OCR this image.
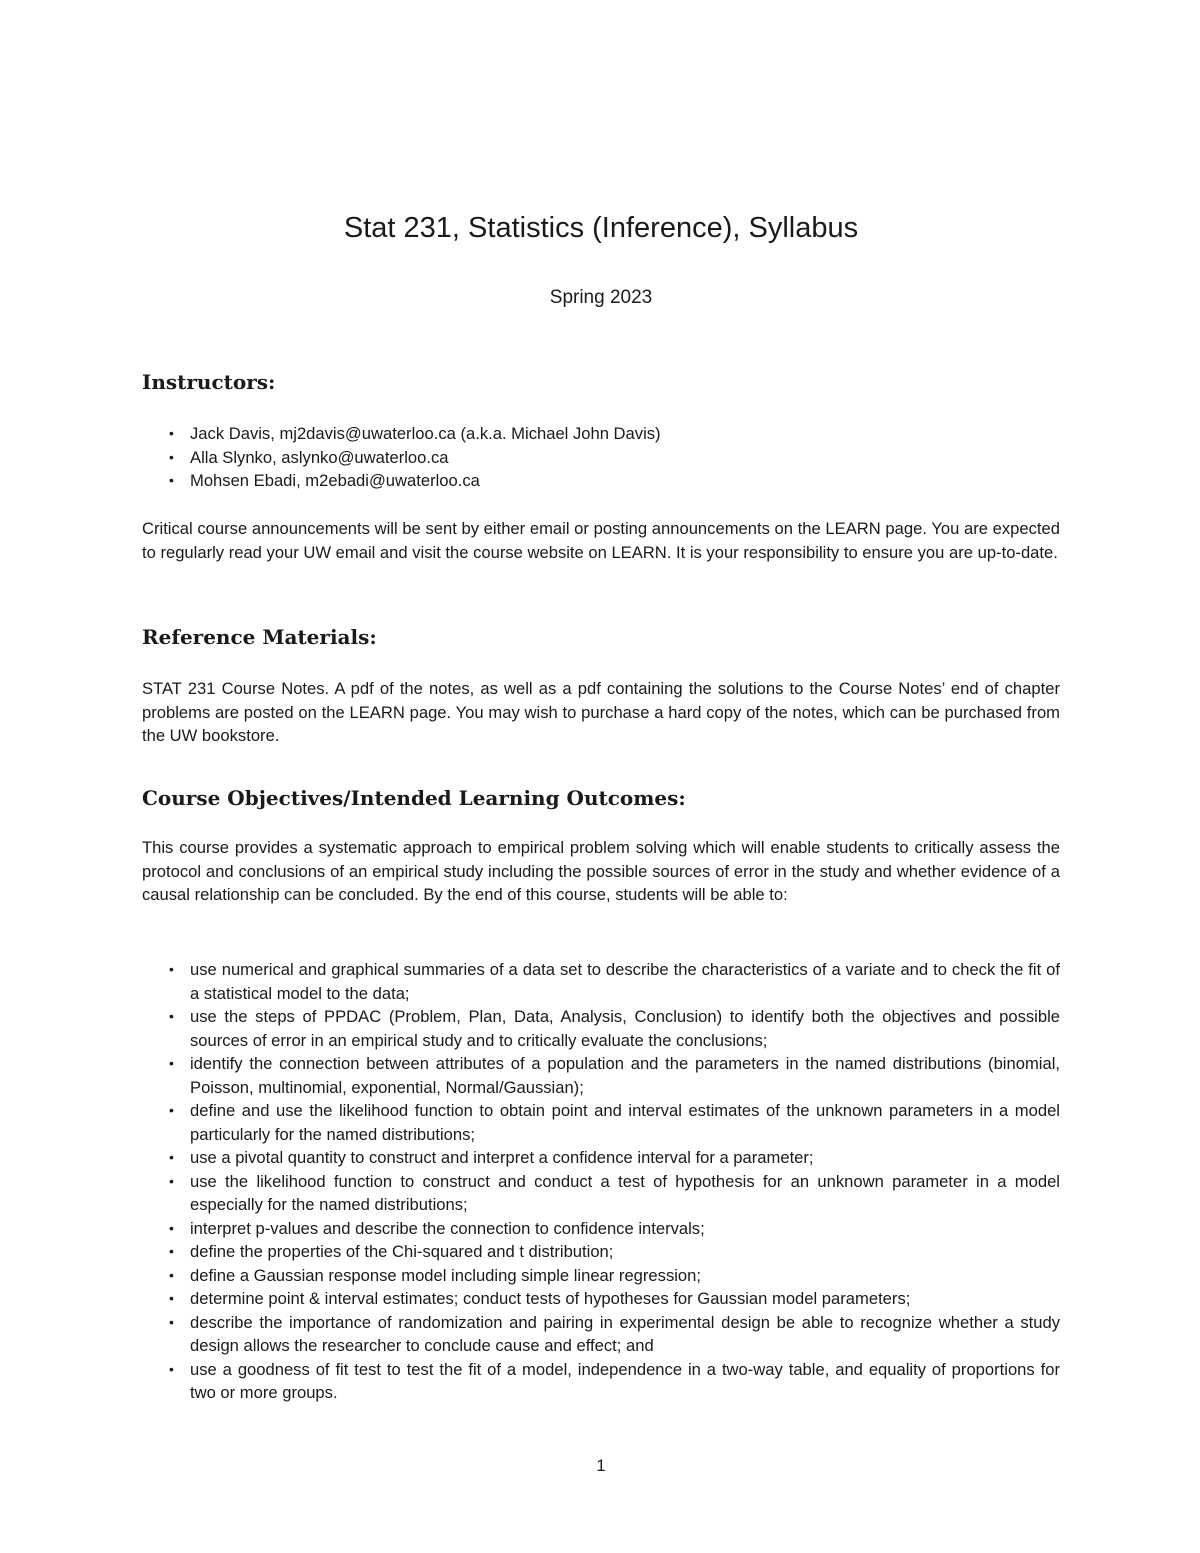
Stat 231, Statistics (Inference), Syllabus

Spring 2023

Instructors:
• Jack Davis, mj2davis@uwaterloo.ca (a.k.a. Michael John Davis)
• Alla Slynko, aslynko@uwaterloo.ca
• Mohsen Ebadi, m2ebadi@uwaterloo.ca

Critical course announcements will be sent by either email or posting announcements on the LEARN page. You are expected to regularly read your UW email and visit the course website on LEARN. It is your responsibility to ensure you are up-to-date.

Reference Materials:

STAT 231 Course Notes. A pdf of the notes, as well as a pdf containing the solutions to the Course Notes’ end of chapter problems are posted on the LEARN page. You may wish to purchase a hard copy of the notes, which can be purchased from the UW bookstore.

Course Objectives/Intended Learning Outcomes:

This course provides a systematic approach to empirical problem solving which will enable students to critically assess the protocol and conclusions of an empirical study including the possible sources of error in the study and whether evidence of a causal relationship can be concluded. By the end of this course, students will be able to:

• use numerical and graphical summaries of a data set to describe the characteristics of a variate and to check the fit of a statistical model to the data;
• use the steps of PPDAC (Problem, Plan, Data, Analysis, Conclusion) to identify both the objectives and possible sources of error in an empirical study and to critically evaluate the conclusions;
• identify the connection between attributes of a population and the parameters in the named distributions (binomial, Poisson, multinomial, exponential, Normal/Gaussian);
• define and use the likelihood function to obtain point and interval estimates of the unknown parameters in a model particularly for the named distributions;
• use a pivotal quantity to construct and interpret a confidence interval for a parameter;
• use the likelihood function to construct and conduct a test of hypothesis for an unknown parameter in a model especially for the named distributions;
• interpret p-values and describe the connection to confidence intervals;
• define the properties of the Chi-squared and t distribution;
• define a Gaussian response model including simple linear regression;
• determine point & interval estimates; conduct tests of hypotheses for Gaussian model parameters;
• describe the importance of randomization and pairing in experimental design be able to recognize whether a study design allows the researcher to conclude cause and effect; and
• use a goodness of fit test to test the fit of a model, independence in a two-way table, and equality of proportions for two or more groups.
1
